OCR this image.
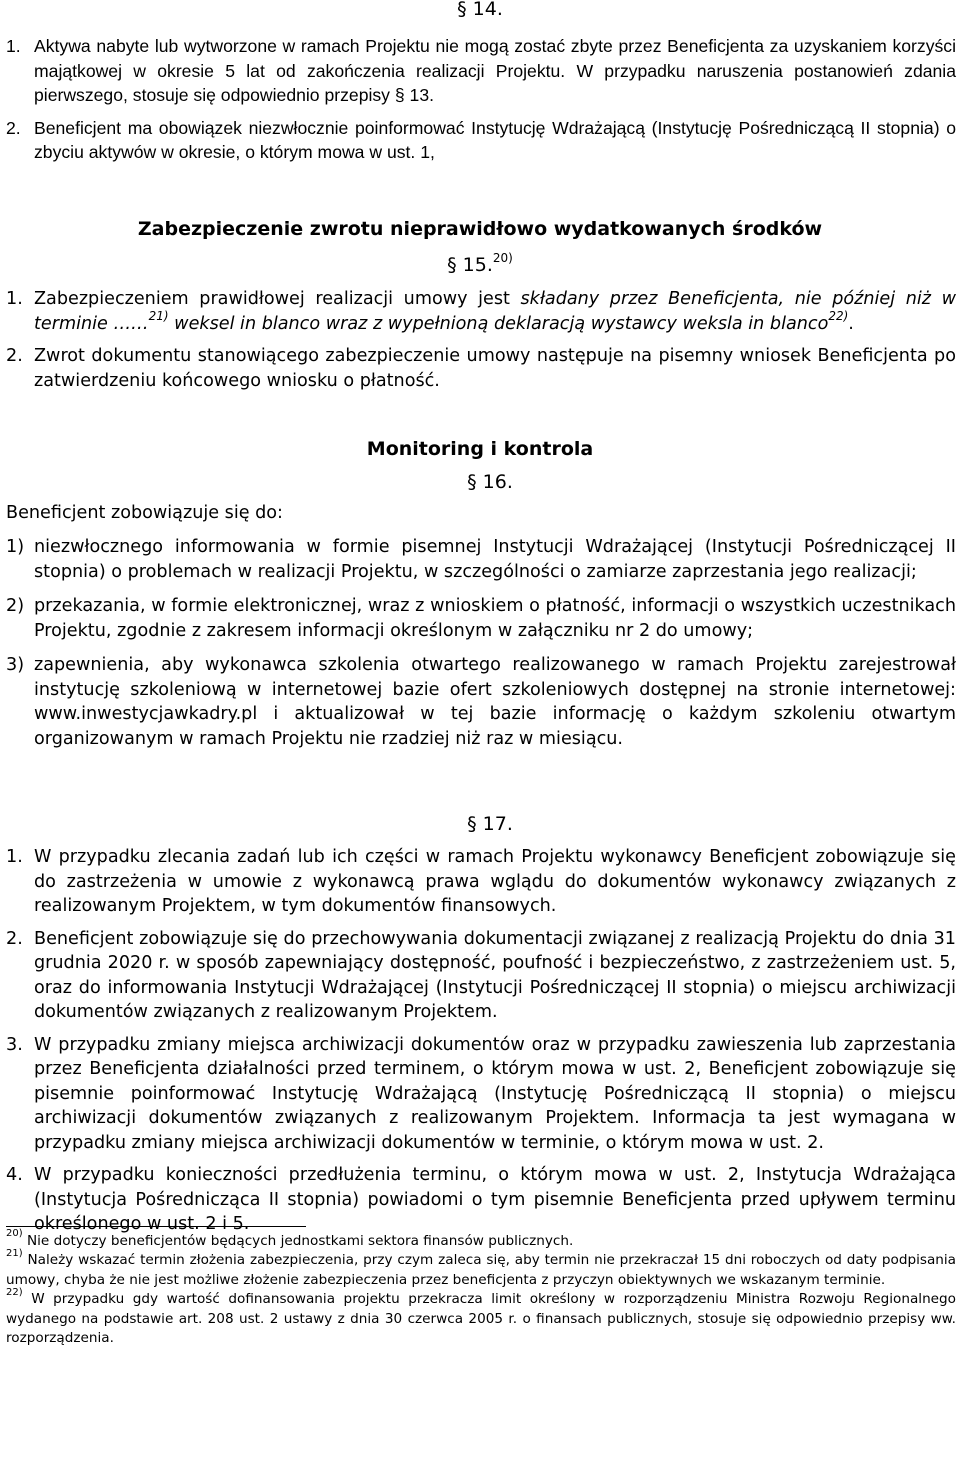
§ 14.
1. Aktywa nabyte lub wytworzone w ramach Projektu nie mogą zostać zbyte przez Beneficjenta za uzyskaniem korzyści majątkowej w okresie 5 lat od zakończenia realizacji Projektu. W przypadku naruszenia postanowień zdania pierwszego, stosuje się odpowiednio przepisy § 13.
2. Beneficjent ma obowiązek niezwłocznie poinformować Instytucję Wdrażającą (Instytucję Pośredniczącą II stopnia) o zbyciu aktywów w okresie, o którym mowa w ust. 1,
Zabezpieczenie zwrotu nieprawidłowo wydatkowanych środków
§ 15.$^{20)}$
1. Zabezpieczeniem prawidłowej realizacji umowy jest składany przez Beneficjenta, nie później niż w terminie ……$^{21)}$ weksel in blanco wraz z wypełnioną deklaracją wystawcy weksla in blanco$^{22)}$.
2. Zwrot dokumentu stanowiącego zabezpieczenie umowy następuje na pisemny wniosek Beneficjenta po zatwierdzeniu końcowego wniosku o płatność.
Monitoring i kontrola
§ 16.
Beneficjent zobowiązuje się do:
1) niezwłocznego informowania w formie pisemnej Instytucji Wdrażającej (Instytucji Pośredniczącej II stopnia) o problemach w realizacji Projektu, w szczególności o zamiarze zaprzestania jego realizacji;
2) przekazania, w formie elektronicznej, wraz z wnioskiem o płatność, informacji o wszystkich uczestnikach Projektu, zgodnie z zakresem informacji określonym w załączniku nr 2 do umowy;
3) zapewnienia, aby wykonawca szkolenia otwartego realizowanego w ramach Projektu zarejestrował instytucję szkoleniową w internetowej bazie ofert szkoleniowych dostępnej na stronie internetowej: www.inwestycjawkadry.pl i aktualizował w tej bazie informację o każdym szkoleniu otwartym organizowanym w ramach Projektu nie rzadziej niż raz w miesiącu.
§ 17.
1. W przypadku zlecania zadań lub ich części w ramach Projektu wykonawcy Beneficjent zobowiązuje się do zastrzeżenia w umowie z wykonawcą prawa wglądu do dokumentów wykonawcy związanych z realizowanym Projektem, w tym dokumentów finansowych.
2. Beneficjent zobowiązuje się do przechowywania dokumentacji związanej z realizacją Projektu do dnia 31 grudnia 2020 r. w sposób zapewniający dostępność, poufność i bezpieczeństwo, z zastrzeżeniem ust. 5, oraz do informowania Instytucji Wdrażającej (Instytucji Pośredniczącej II stopnia) o miejscu archiwizacji dokumentów związanych z realizowanym Projektem.
3. W przypadku zmiany miejsca archiwizacji dokumentów oraz w przypadku zawieszenia lub zaprzestania przez Beneficjenta działalności przed terminem, o którym mowa w ust. 2, Beneficjent zobowiązuje się pisemnie poinformować Instytucję Wdrażającą (Instytucję Pośredniczącą II stopnia) o miejscu archiwizacji dokumentów związanych z realizowanym Projektem. Informacja ta jest wymagana w przypadku zmiany miejsca archiwizacji dokumentów w terminie, o którym mowa w ust. 2.
4. W przypadku konieczności przedłużenia terminu, o którym mowa w ust. 2, Instytucja Wdrażająca (Instytucja Pośrednicząca II stopnia) powiadomi o tym pisemnie Beneficjenta przed upływem terminu określonego w ust. 2 i 5.
$^{20)}$ Nie dotyczy beneficjentów będących jednostkami sektora finansów publicznych.
$^{21)}$ Należy wskazać termin złożenia zabezpieczenia, przy czym zaleca się, aby termin nie przekraczał 15 dni roboczych od daty podpisania umowy, chyba że nie jest możliwe złożenie zabezpieczenia przez beneficjenta z przyczyn obiektywnych we wskazanym terminie.
$^{22)}$ W przypadku gdy wartość dofinansowania projektu przekracza limit określony w rozporządzeniu Ministra Rozwoju Regionalnego wydanego na podstawie art. 208 ust. 2 ustawy z dnia 30 czerwca 2005 r. o finansach publicznych, stosuje się odpowiednio przepisy ww. rozporządzenia.
